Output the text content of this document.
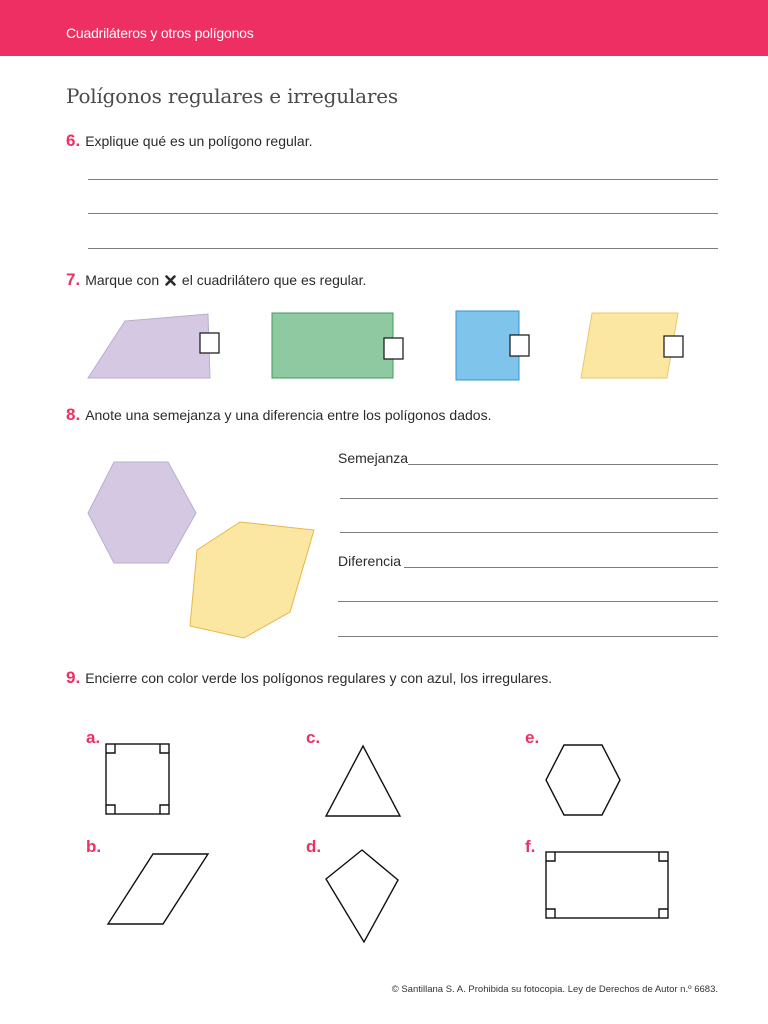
Cuadriláteros y otros polígonos
Polígonos regulares e irregulares
6. Explique qué es un polígono regular.
7. Marque con el cuadrilátero que es regular.
8. Anote una semejanza y una diferencia entre los polígonos dados.
Semejanza
Diferencia
9. Encierre con color verde los polígonos regulares y con azul, los irregulares.
a.
b.
c.
d.
e.
f.
© Santillana S. A. Prohibida su fotocopia. Ley de Derechos de Autor n.º 6683.
